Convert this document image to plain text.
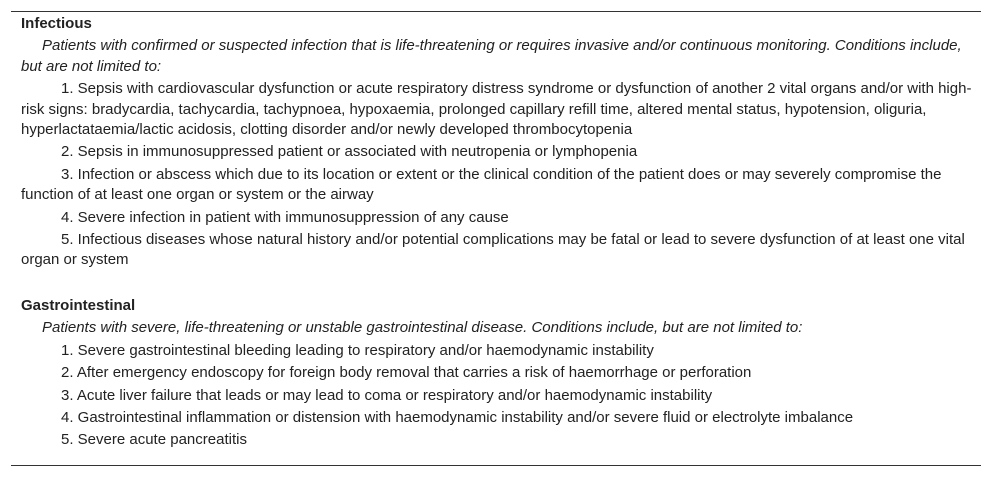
Infectious

Patients with confirmed or suspected infection that is life-threatening or requires invasive and/or continuous monitoring. Conditions include, but are not limited to:

1. Sepsis with cardiovascular dysfunction or acute respiratory distress syndrome or dysfunction of another 2 vital organs and/or with high-risk signs: bradycardia, tachycardia, tachypnoea, hypoxaemia, prolonged capillary refill time, altered mental status, hypotension, oliguria, hyperlactataemia/lactic acidosis, clotting disorder and/or newly developed thrombocytopenia

2. Sepsis in immunosuppressed patient or associated with neutropenia or lymphopenia

3. Infection or abscess which due to its location or extent or the clinical condition of the patient does or may severely compromise the function of at least one organ or system or the airway

4. Severe infection in patient with immunosuppression of any cause

5. Infectious diseases whose natural history and/or potential complications may be fatal or lead to severe dysfunction of at least one vital organ or system

Gastrointestinal

Patients with severe, life-threatening or unstable gastrointestinal disease. Conditions include, but are not limited to:

1. Severe gastrointestinal bleeding leading to respiratory and/or haemodynamic instability

2. After emergency endoscopy for foreign body removal that carries a risk of haemorrhage or perforation

3. Acute liver failure that leads or may lead to coma or respiratory and/or haemodynamic instability

4. Gastrointestinal inflammation or distension with haemodynamic instability and/or severe fluid or electrolyte imbalance

5. Severe acute pancreatitis
